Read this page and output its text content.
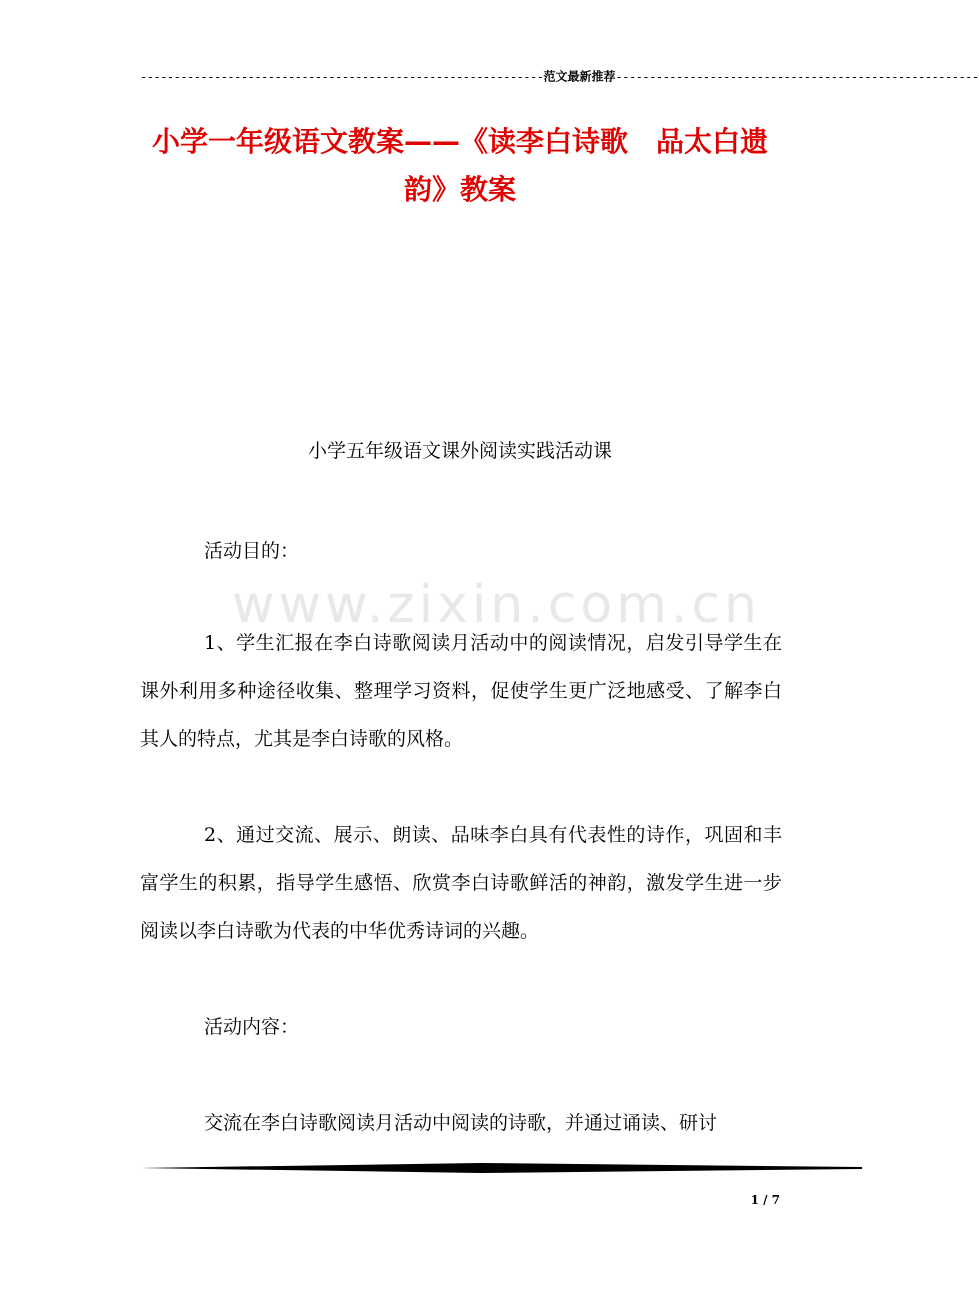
------------------------------------------------------------范文最新推荐------------------------------------------------------
小学一年级语文教案——《读李白诗歌　品太白遗韵》教案
www.zixin.com.cn
小学五年级语文课外阅读实践活动课
活动目的：
1、学生汇报在李白诗歌阅读月活动中的阅读情况，启发引导学生在课外利用多种途径收集、整理学习资料，促使学生更广泛地感受、了解李白其人的特点，尤其是李白诗歌的风格。
2、通过交流、展示、朗读、品味李白具有代表性的诗作，巩固和丰富学生的积累，指导学生感悟、欣赏李白诗歌鲜活的神韵，激发学生进一步阅读以李白诗歌为代表的中华优秀诗词的兴趣。
活动内容：
交流在李白诗歌阅读月活动中阅读的诗歌，并通过诵读、研讨
1 / 7
